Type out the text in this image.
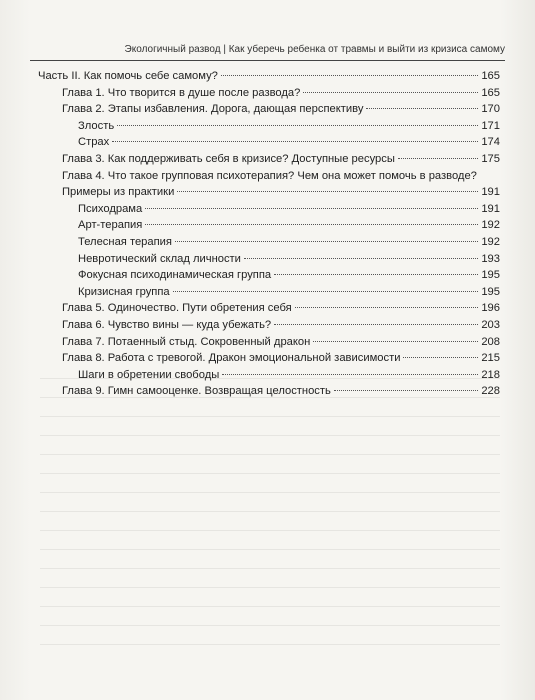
Экологичный развод | Как уберечь ребенка от травмы и выйти из кризиса самому
Часть II. Как помочь себе самому?	165
Глава 1. Что творится в душе после развода?	165
Глава 2. Этапы избавления. Дорога, дающая перспективу	170
Злость	171
Страх	174
Глава 3. Как поддерживать себя в кризисе? Доступные ресурсы	175
Глава 4. Что такое групповая психотерапия? Чем она может помочь в разводе?
Примеры из практики	191
Психодрама	191
Арт-терапия	192
Телесная терапия	192
Невротический склад личности	193
Фокусная психодинамическая группа	195
Кризисная группа	195
Глава 5. Одиночество. Пути обретения себя	196
Глава 6. Чувство вины — куда убежать?	203
Глава 7. Потаенный стыд. Сокровенный дракон	208
Глава 8. Работа с тревогой. Дракон эмоциональной зависимости	215
Шаги в обретении свободы	218
Глава 9. Гимн самооценке. Возвращая целостность	228
